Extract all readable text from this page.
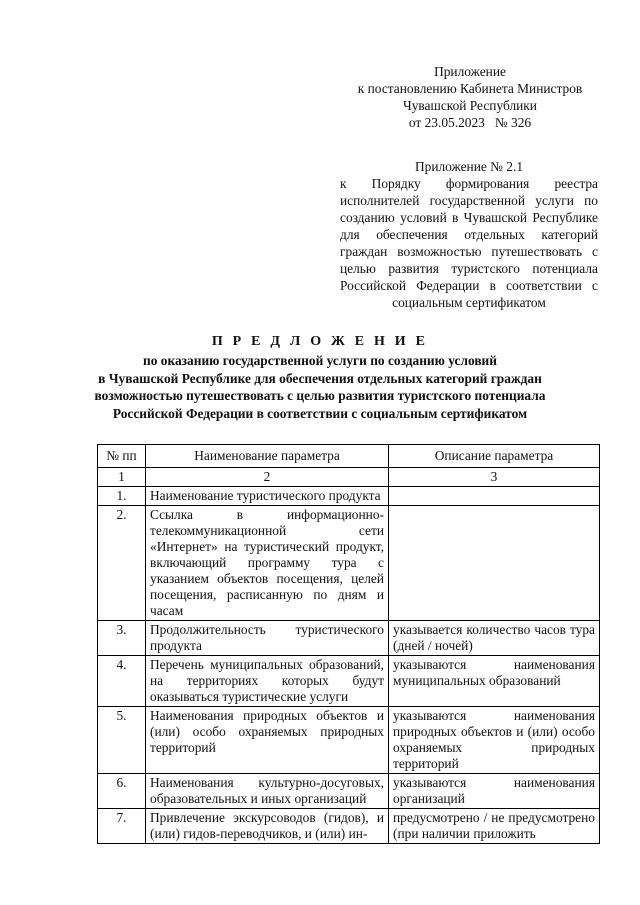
Приложение
к постановлению Кабинета Министров
Чувашской Республики
от 23.05.2023   № 326
Приложение № 2.1
к Порядку формирования реестра исполнителей государственной услуги по созданию условий в Чувашской Республике для обеспечения отдельных категорий граждан возможностью путешествовать с целью развития туристского потенциала Российской Федерации в соответствии с социальным сертификатом
П Р Е Д Л О Ж Е Н И Е
по оказанию государственной услуги по созданию условий
в Чувашской Республике для обеспечения отдельных категорий граждан
возможностью путешествовать с целью развития туристского потенциала
Российской Федерации в соответствии с социальным сертификатом
№ пп	Наименование параметра	Описание параметра
1	2	3
1.	Наименование туристического продукта	
2.	Ссылка в информационно-телекоммуникационной сети «Интернет» на туристический продукт, включающий программу тура с указанием объектов посещения, целей посещения, расписанную по дням и часам	
3.	Продолжительность туристического продукта	указывается количество часов тура (дней / ночей)
4.	Перечень муниципальных образований, на территориях которых будут оказываться туристические услуги	указываются наименования муниципальных образований
5.	Наименования природных объектов и (или) особо охраняемых природных территорий	указываются наименования природных объектов и (или) особо охраняемых природных территорий
6.	Наименования культурно-досуговых, образовательных и иных организаций	указываются наименования организаций
7.	Привлечение экскурсоводов (гидов), и (или) гидов-переводчиков, и (или) ин-	предусмотрено / не предусмотрено (при наличии приложить
